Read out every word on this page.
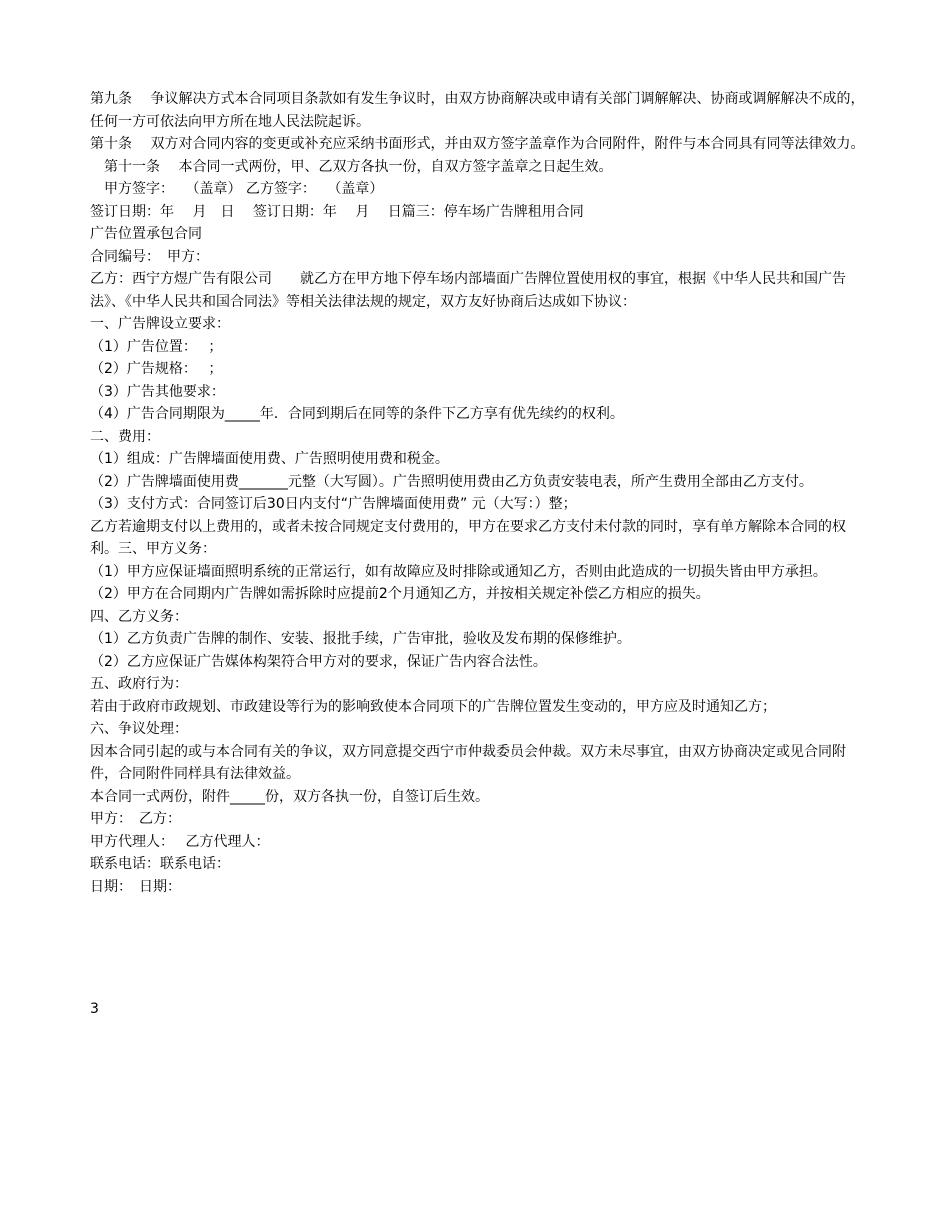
第九条　 争议解决方式本合同项目条款如有发生争议时，由双方协商解决或申请有关部门调解解决、协商或调解解决不成的，任何一方可依法向甲方所在地人民法院起诉。

第十条　 双方对合同内容的变更或补充应采纳书面形式，并由双方签字盖章作为合同附件，附件与本合同具有同等法律效力。

　第十一条　 本合同一式两份，甲、乙双方各执一份，自双方签字盖章之日起生效。

　甲方签字：　 （盖章） 乙方签字：　 （盖章）

签订日期：年　 月　日　 签订日期：年　 月　 日篇三：停车场广告牌租用合同

广告位置承包合同

合同编号：　甲方：

乙方：西宁方煜广告有限公司　　就乙方在甲方地下停车场内部墙面广告牌位置使用权的事宜，根据《中华人民共和国广告法》、《中华人民共和国合同法》等相关法律法规的规定，双方友好协商后达成如下协议：

一、广告牌设立要求：

（1）广告位置：　 ；

（2）广告规格：　 ；

（3）广告其他要求：

（4）广告合同期限为_____年．合同到期后在同等的条件下乙方享有优先续约的权利。

二、费用：

（1）组成：广告牌墙面使用费、广告照明使用费和税金。

（2）广告牌墙面使用费_______元整（大写圆）。广告照明使用费由乙方负责安装电表，所产生费用全部由乙方支付。

（3）支付方式：合同签订后30日内支付“广告牌墙面使用费” 元（大写：）整；

乙方若逾期支付以上费用的，或者未按合同规定支付费用的，甲方在要求乙方支付未付款的同时，享有单方解除本合同的权利。三、甲方义务：

（1）甲方应保证墙面照明系统的正常运行，如有故障应及时排除或通知乙方，否则由此造成的一切损失皆由甲方承担。

（2）甲方在合同期内广告牌如需拆除时应提前2个月通知乙方，并按相关规定补偿乙方相应的损失。

四、乙方义务：

（1）乙方负责广告牌的制作、安装、报批手续，广告审批，验收及发布期的保修维护。

（2）乙方应保证广告媒体构架符合甲方对的要求，保证广告内容合法性。

五、政府行为：

若由于政府市政规划、市政建设等行为的影响致使本合同项下的广告牌位置发生变动的，甲方应及时通知乙方；

六、争议处理：

因本合同引起的或与本合同有关的争议，双方同意提交西宁市仲裁委员会仲裁。双方未尽事宜，由双方协商决定或见合同附件，合同附件同样具有法律效益。

本合同一式两份，附件_____份，双方各执一份，自签订后生效。

甲方：　乙方：

甲方代理人：　 乙方代理人：

联系电话：联系电话：

日期：　日期：

3
